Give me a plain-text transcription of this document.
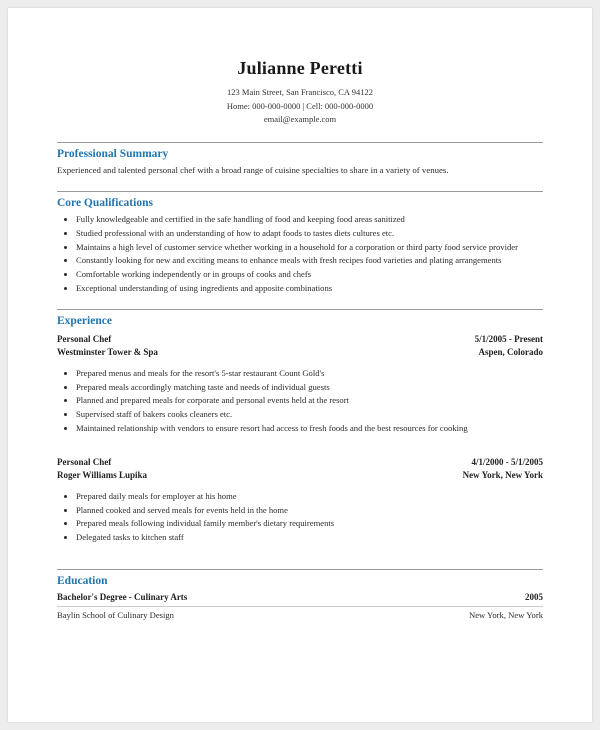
Julianne Peretti
123 Main Street, San Francisco, CA 94122
Home: 000-000-0000 | Cell: 000-000-0000
email@example.com
Professional Summary
Experienced and talented personal chef with a broad range of cuisine specialties to share in a variety of venues.
Core Qualifications
• Fully knowledgeable and certified in the safe handling of food and keeping food areas sanitized
• Studied professional with an understanding of how to adapt foods to tastes diets cultures etc.
• Maintains a high level of customer service whether working in a household for a corporation or third party food service provider
• Constantly looking for new and exciting means to enhance meals with fresh recipes food varieties and plating arrangements
• Comfortable working independently or in groups of cooks and chefs
• Exceptional understanding of using ingredients and apposite combinations
Experience
Personal Chef
Westminster Tower & Spa
5/1/2005 - Present
Aspen, Colorado
• Prepared menus and meals for the resort's 5-star restaurant Count Gold's
• Prepared meals accordingly matching taste and needs of individual guests
• Planned and prepared meals for corporate and personal events held at the resort
• Supervised staff of bakers cooks cleaners etc.
• Maintained relationship with vendors to ensure resort had access to fresh foods and the best resources for cooking
Personal Chef
Roger Williams Lupika
4/1/2000 - 5/1/2005
New York, New York
• Prepared daily meals for employer at his home
• Planned cooked and served meals for events held in the home
• Prepared meals following individual family member's dietary requirements
• Delegated tasks to kitchen staff
Education
Bachelor's Degree - Culinary Arts	2005
Baylin School of Culinary Design	New York, New York
